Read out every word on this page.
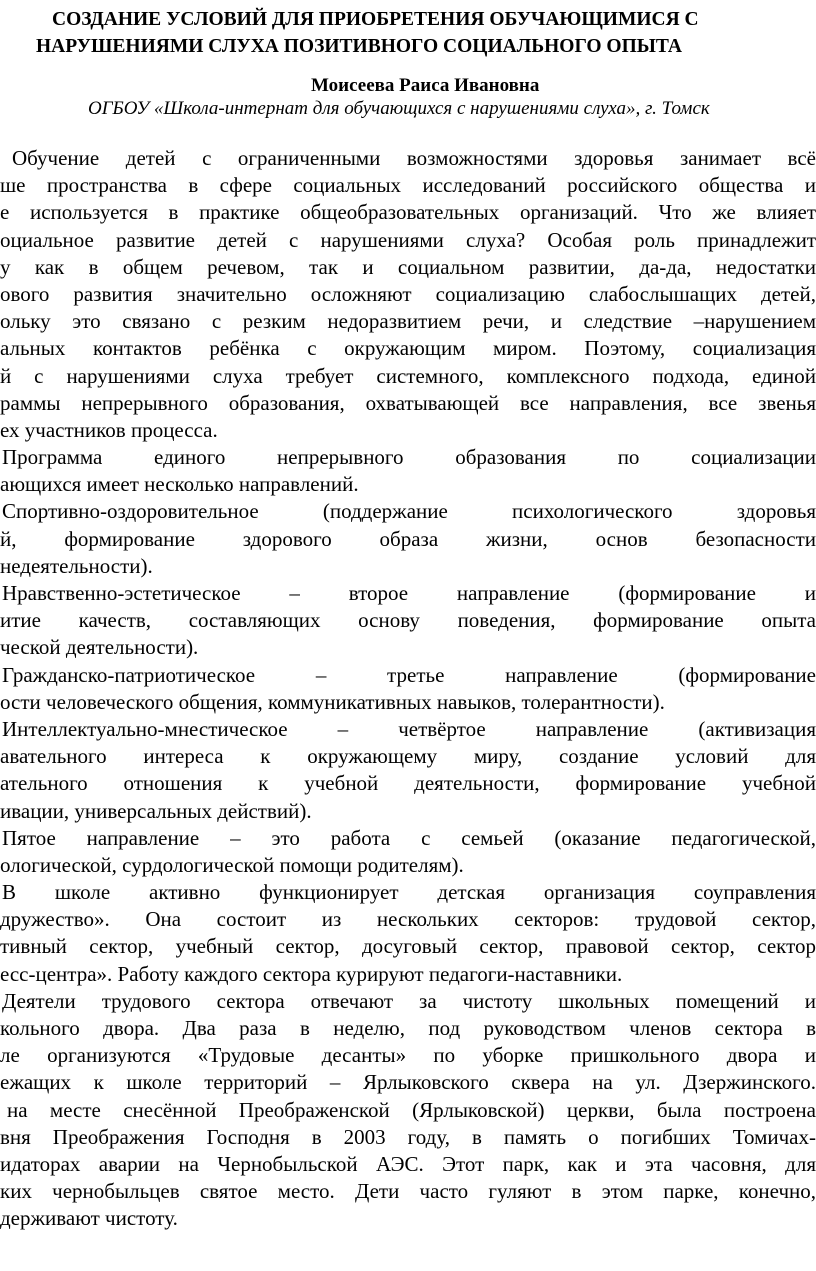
СОЗДАНИЕ УСЛОВИЙ ДЛЯ ПРИОБРЕТЕНИЯ ОБУЧАЮЩИМИСЯ С
НАРУШЕНИЯМИ СЛУХА ПОЗИТИВНОГО СОЦИАЛЬНОГО ОПЫТА
Моисеева Раиса Ивановна
ОГБОУ «Школа-интернат для обучающихся с нарушениями слуха», г. Томск
Обучение детей с ограниченными возможностями здоровья занимает всё
ше пространства в сфере социальных исследований российского общества и
е используется в практике общеобразовательных организаций. Что же влияет
оциальное развитие детей с нарушениями слуха? Особая роль принадлежит
у как в общем речевом, так и социальном развитии, да-да, недостатки
ового развития значительно осложняют социализацию слабослышащих детей,
ольку это связано с резким недоразвитием речи, и следствие –нарушением
альных контактов ребёнка с окружающим миром. Поэтому, социализация
й с нарушениями слуха требует системного, комплексного подхода, единой
раммы непрерывного образования, охватывающей все направления, все звенья
ех участников процесса.
Программа единого непрерывного образования по социализации
ающихся имеет несколько направлений.
Спортивно-оздоровительное (поддержание психологического здоровья
й, формирование здорового образа жизни, основ безопасности
недеятельности).
Нравственно-эстетическое – второе направление (формирование и
итие качеств, составляющих основу поведения, формирование опыта
ческой деятельности).
Гражданско-патриотическое – третье направление (формирование
ости человеческого общения, коммуникативных навыков, толерантности).
Интеллектуально-мнестическое – четвёртое направление (активизация
авательного интереса к окружающему миру, создание условий для
ательного отношения к учебной деятельности, формирование учебной
ивации, универсальных действий).
Пятое направление – это работа с семьей (оказание педагогической,
ологической, сурдологической помощи родителям).
В школе активно функционирует детская организация соуправления
дружество». Она состоит из нескольких секторов: трудовой сектор,
тивный сектор, учебный сектор, досуговый сектор, правовой сектор, сектор
есс-центра». Работу каждого сектора курируют педагоги-наставники.
Деятели трудового сектора отвечают за чистоту школьных помещений и
кольного двора. Два раза в неделю, под руководством членов сектора в
ле организуются «Трудовые десанты» по уборке пришкольного двора и
ежащих к школе территорий – Ярлыковского сквера на ул. Дзержинского.
на месте снесённой Преображенской (Ярлыковской) церкви, была построена
вня Преображения Господня в 2003 году, в память о погибших Томичах-
идаторах аварии на Чернобыльской АЭС. Этот парк, как и эта часовня, для
ких чернобыльцев святое место. Дети часто гуляют в этом парке, конечно,
держивают чистоту.
